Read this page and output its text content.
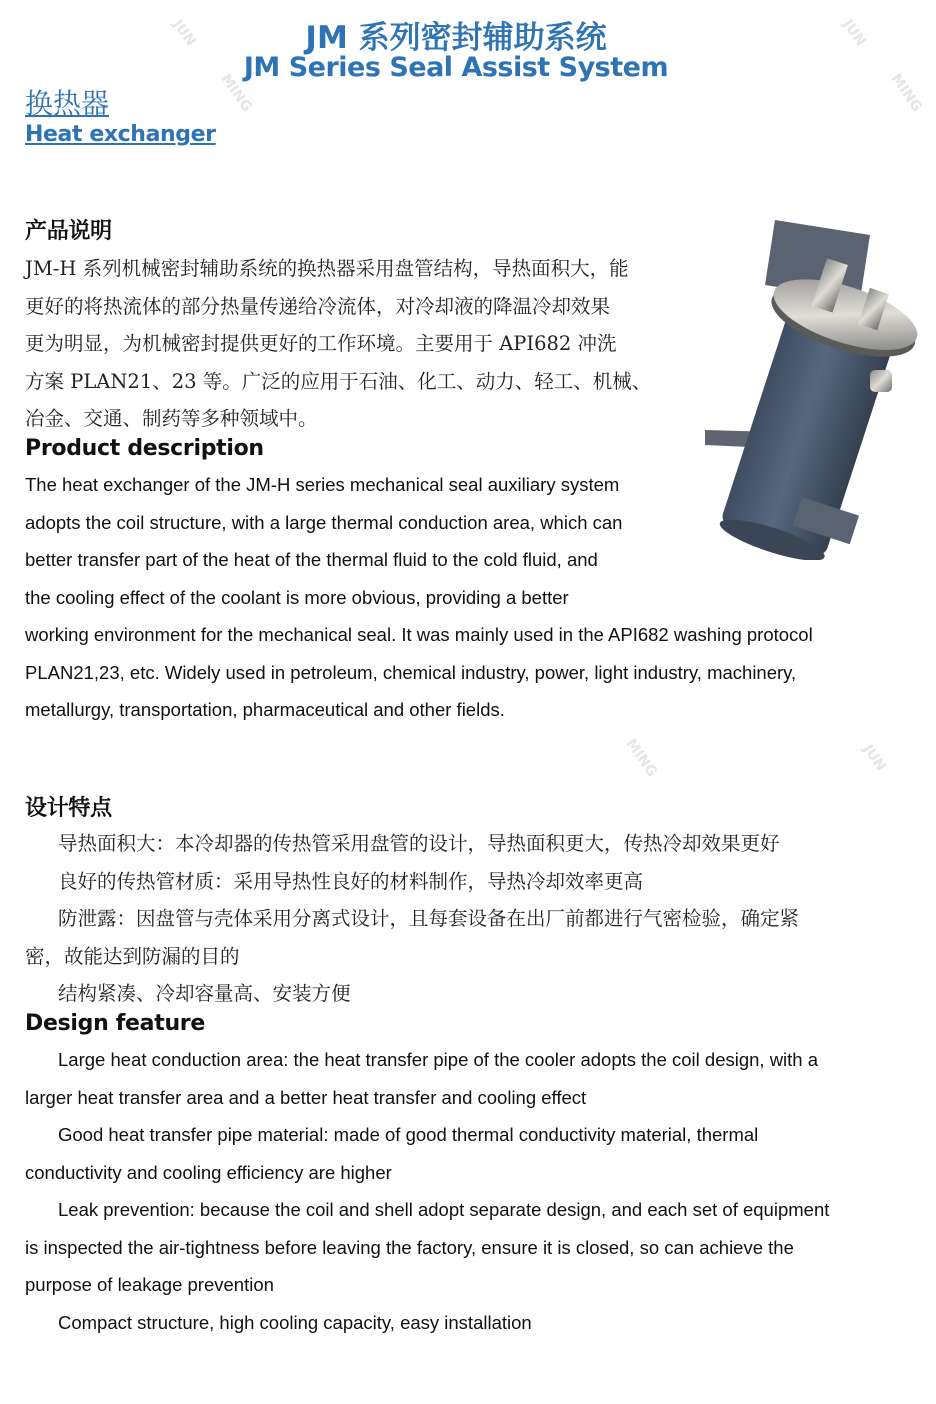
JUN
MING
JUN
MING
JUN
MING
JM 系列密封辅助系统
JM Series Seal Assist System
换热器
Heat exchanger
产品说明
JM-H 系列机械密封辅助系统的换热器采用盘管结构，导热面积大，能
更好的将热流体的部分热量传递给冷流体，对冷却液的降温冷却效果
更为明显，为机械密封提供更好的工作环境。主要用于 API682 冲洗
方案 PLAN21、23 等。广泛的应用于石油、化工、动力、轻工、机械、
冶金、交通、制药等多种领域中。
Product description
The heat exchanger of the JM-H series mechanical seal auxiliary system
adopts the coil structure, with a large thermal conduction area, which can
better transfer part of the heat of the thermal fluid to the cold fluid, and
the cooling effect of the coolant is more obvious, providing a better
working environment for the mechanical seal. It was mainly used in the API682 washing protocol
PLAN21,23, etc. Widely used in petroleum, chemical industry, power, light industry, machinery,
metallurgy, transportation, pharmaceutical and other fields.
设计特点
导热面积大：本冷却器的传热管采用盘管的设计，导热面积更大，传热冷却效果更好
良好的传热管材质：采用导热性良好的材料制作，导热冷却效率更高
防泄露：因盘管与壳体采用分离式设计，且每套设备在出厂前都进行气密检验，确定紧
密，故能达到防漏的目的
结构紧凑、冷却容量高、安装方便
Design feature
Large heat conduction area: the heat transfer pipe of the cooler adopts the coil design, with a
larger heat transfer area and a better heat transfer and cooling effect
Good heat transfer pipe material: made of good thermal conductivity material, thermal
conductivity and cooling efficiency are higher
Leak prevention: because the coil and shell adopt separate design, and each set of equipment
is inspected the air-tightness before leaving the factory, ensure it is closed, so can achieve the
purpose of leakage prevention
Compact structure, high cooling capacity, easy installation
